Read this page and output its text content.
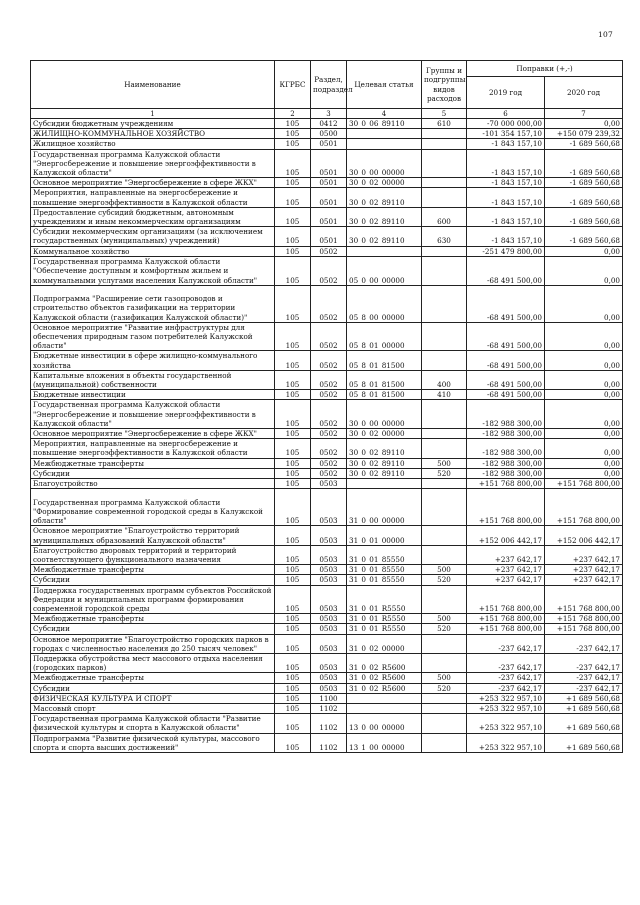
107
Наименование	КГРБС	Раздел, подраздел	Целевая статья	Группы и подгруппы видов расходов	Поправки (+,-)	
					2019 год	2020 год
1	2	3	4	5	6	7
Субсидии бюджетным учреждениям	105	0412	30 0 06 89110	610	-70 000 000,00	0,00
ЖИЛИЩНО-КОММУНАЛЬНОЕ ХОЗЯЙСТВО	105	0500			-101 354 157,10	+150 079 239,32
Жилищное хозяйство	105	0501			-1 843 157,10	-1 689 560,68
Государственная программа Калужской области "Энергосбережение и повышение энергоэффективности в Калужской области"	105	0501	30 0 00 00000		-1 843 157,10	-1 689 560,68
Основное мероприятие "Энергосбережение в сфере ЖКХ"	105	0501	30 0 02 00000		-1 843 157,10	-1 689 560,68
Мероприятия, направленные на энергосбережение и повышение энергоэффективности в Калужской области	105	0501	30 0 02 89110		-1 843 157,10	-1 689 560,68
Предоставление субсидий бюджетным, автономным учреждениям и иным некоммерческим организациям	105	0501	30 0 02 89110	600	-1 843 157,10	-1 689 560,68
Субсидии некоммерческим организациям (за исключением государственных (муниципальных) учреждений)	105	0501	30 0 02 89110	630	-1 843 157,10	-1 689 560,68
Коммунальное хозяйство	105	0502			-251 479 800,00	0,00
Государственная программа Калужской области "Обеспечение доступным и комфортным жильем и коммунальными услугами населения Калужской области"	105	0502	05 0 00 00000		-68 491 500,00	0,00
Подпрограмма "Расширение сети газопроводов и строительство объектов газификации на территории Калужской области (газификация Калужской области)"	105	0502	05 8 00 00000		-68 491 500,00	0,00
Основное мероприятие "Развитие инфраструктуры для обеспечения природным газом потребителей Калужской области"	105	0502	05 8 01 00000		-68 491 500,00	0,00
Бюджетные инвестиции в сфере жилищно-коммунального хозяйства	105	0502	05 8 01 81500		-68 491 500,00	0,00
Капитальные вложения в объекты государственной (муниципальной) собственности	105	0502	05 8 01 81500	400	-68 491 500,00	0,00
Бюджетные инвестиции	105	0502	05 8 01 81500	410	-68 491 500,00	0,00
Государственная программа Калужской области "Энергосбережение и повышение энергоэффективности в Калужской области"	105	0502	30 0 00 00000		-182 988 300,00	0,00
Основное мероприятие "Энергосбережение в сфере ЖКХ"	105	0502	30 0 02 00000		-182 988 300,00	0,00
Мероприятия, направленные на энергосбережение и повышение энергоэффективности в Калужской области	105	0502	30 0 02 89110		-182 988 300,00	0,00
Межбюджетные трансферты	105	0502	30 0 02 89110	500	-182 988 300,00	0,00
Субсидии	105	0502	30 0 02 89110	520	-182 988 300,00	0,00
Благоустройство	105	0503			+151 768 800,00	+151 768 800,00
Государственная программа Калужской области "Формирование современной городской среды в Калужской области"	105	0503	31 0 00 00000		+151 768 800,00	+151 768 800,00
Основное мероприятие "Благоустройство территорий муниципальных образований Калужской области"	105	0503	31 0 01 00000		+152 006 442,17	+152 006 442,17
Благоустройство дворовых территорий и территорий соответствующего функционального назначения	105	0503	31 0 01 85550		+237 642,17	+237 642,17
Межбюджетные трансферты	105	0503	31 0 01 85550	500	+237 642,17	+237 642,17
Субсидии	105	0503	31 0 01 85550	520	+237 642,17	+237 642,17
Поддержка государственных программ субъектов Российской Федерации и муниципальных программ формирования современной городской среды	105	0503	31 0 01 R5550		+151 768 800,00	+151 768 800,00
Межбюджетные трансферты	105	0503	31 0 01 R5550	500	+151 768 800,00	+151 768 800,00
Субсидии	105	0503	31 0 01 R5550	520	+151 768 800,00	+151 768 800,00
Основное мероприятие "Благоустройство городских парков в городах с численностью населения до 250 тысяч человек"	105	0503	31 0 02 00000		-237 642,17	-237 642,17
Поддержка обустройства мест массового отдыха населения (городских парков)	105	0503	31 0 02 R5600		-237 642,17	-237 642,17
Межбюджетные трансферты	105	0503	31 0 02 R5600	500	-237 642,17	-237 642,17
Субсидии	105	0503	31 0 02 R5600	520	-237 642,17	-237 642,17
ФИЗИЧЕСКАЯ КУЛЬТУРА И СПОРТ	105	1100			+253 322 957,10	+1 689 560,68
Массовый спорт	105	1102			+253 322 957,10	+1 689 560,68
Государственная программа Калужской области "Развитие физической культуры и спорта в Калужской области"	105	1102	13 0 00 00000		+253 322 957,10	+1 689 560,68
Подпрограмма "Развитие физической культуры, массового спорта и спорта высших достижений"	105	1102	13 1 00 00000		+253 322 957,10	+1 689 560,68
